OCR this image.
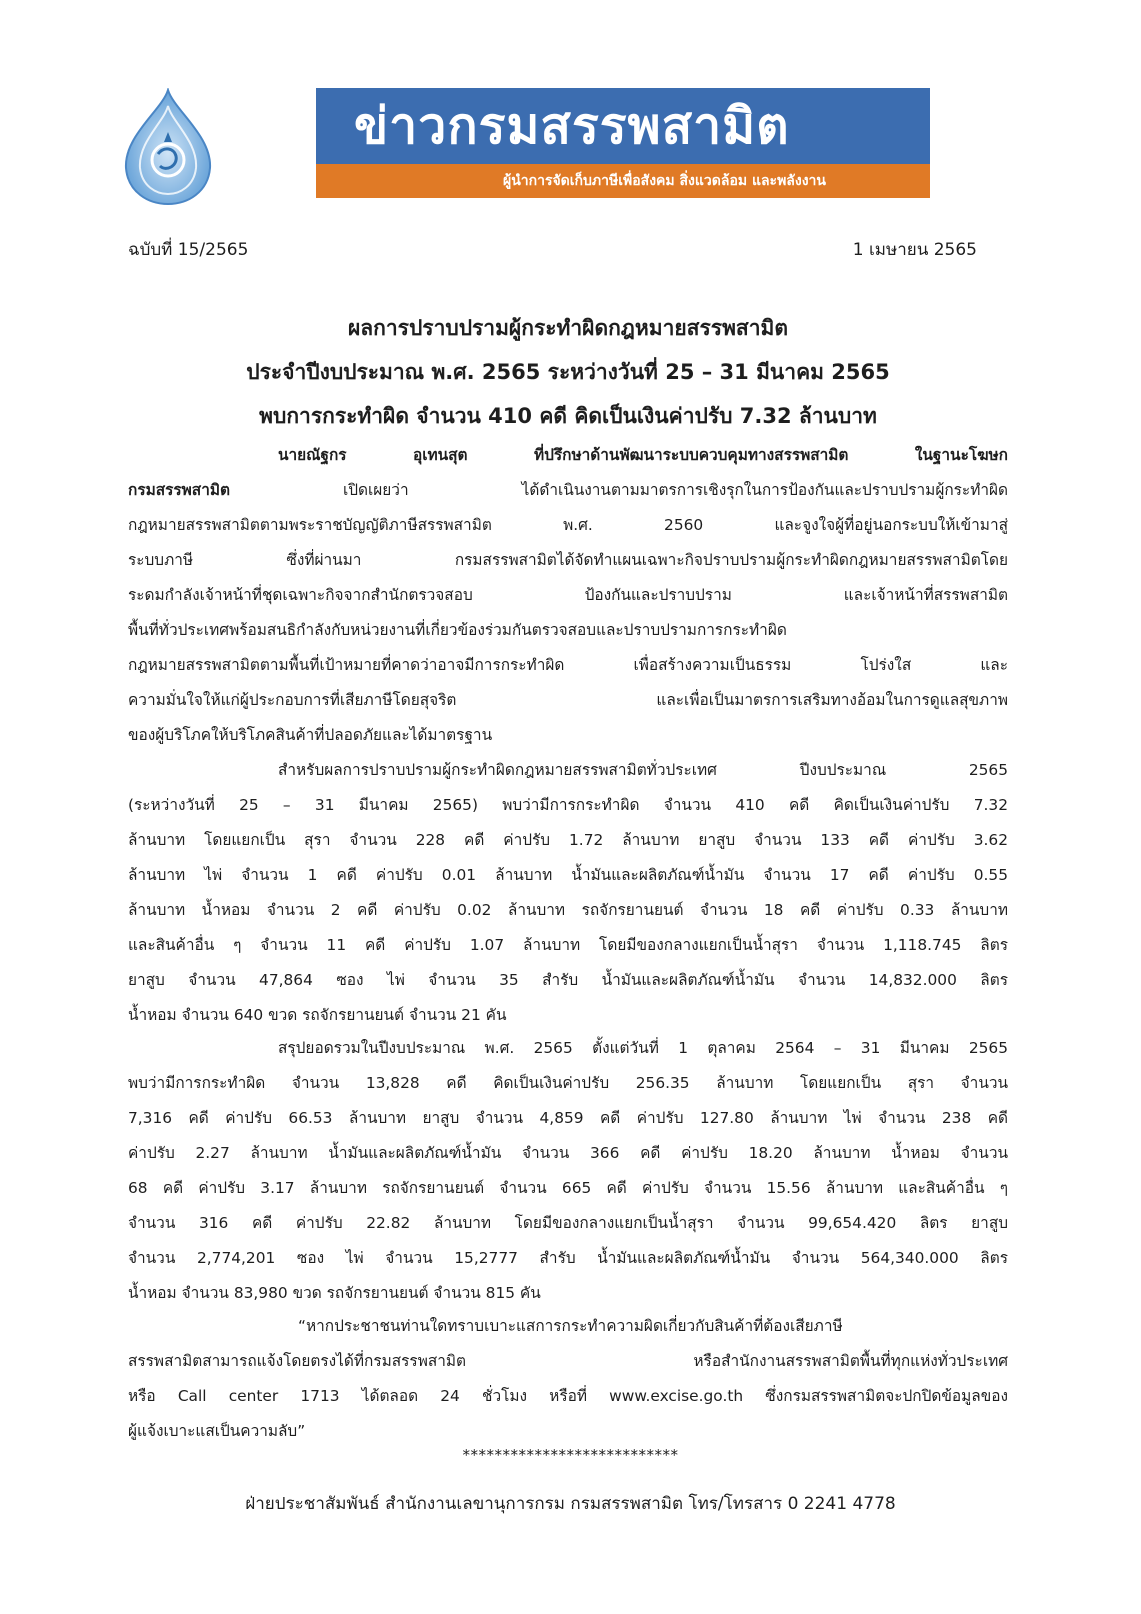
ข่าวกรมสรรพสามิต
ผู้นำการจัดเก็บภาษีเพื่อสังคม สิ่งแวดล้อม และพลังงาน
ฉบับที่ 15/2565	1 เมษายน 2565
ผลการปราบปรามผู้กระทำผิดกฎหมายสรรพสามิต
ประจำปีงบประมาณ พ.ศ. 2565 ระหว่างวันที่ 25 – 31 มีนาคม 2565
พบการกระทำผิด จำนวน 410 คดี คิดเป็นเงินค่าปรับ 7.32 ล้านบาท
นายณัฐกร อุเทนสุต ที่ปรึกษาด้านพัฒนาระบบควบคุมทางสรรพสามิต ในฐานะโฆษก
กรมสรรพสามิต เปิดเผยว่า ได้ดำเนินงานตามมาตรการเชิงรุกในการป้องกันและปราบปรามผู้กระทำผิด
กฎหมายสรรพสามิตตามพระราชบัญญัติภาษีสรรพสามิต พ.ศ. 2560 และจูงใจผู้ที่อยู่นอกระบบให้เข้ามาสู่
ระบบภาษี ซึ่งที่ผ่านมา กรมสรรพสามิตได้จัดทำแผนเฉพาะกิจปราบปรามผู้กระทำผิดกฎหมายสรรพสามิตโดย
ระดมกำลังเจ้าหน้าที่ชุดเฉพาะกิจจากสำนักตรวจสอบ ป้องกันและปราบปราม และเจ้าหน้าที่สรรพสามิต
พื้นที่ทั่วประเทศพร้อมสนธิกำลังกับหน่วยงานที่เกี่ยวข้องร่วมกันตรวจสอบและปราบปรามการกระทำผิด
กฎหมายสรรพสามิตตามพื้นที่เป้าหมายที่คาดว่าอาจมีการกระทำผิด เพื่อสร้างความเป็นธรรม โปร่งใส และ
ความมั่นใจให้แก่ผู้ประกอบการที่เสียภาษีโดยสุจริต และเพื่อเป็นมาตรการเสริมทางอ้อมในการดูแลสุขภาพ
ของผู้บริโภคให้บริโภคสินค้าที่ปลอดภัยและได้มาตรฐาน
สำหรับผลการปราบปรามผู้กระทำผิดกฎหมายสรรพสามิตทั่วประเทศ ปีงบประมาณ 2565
(ระหว่างวันที่ 25 – 31 มีนาคม 2565) พบว่ามีการกระทำผิด จำนวน 410 คดี คิดเป็นเงินค่าปรับ 7.32
ล้านบาท โดยแยกเป็น สุรา จำนวน 228 คดี ค่าปรับ 1.72 ล้านบาท ยาสูบ จำนวน 133 คดี ค่าปรับ 3.62
ล้านบาท ไพ่ จำนวน 1 คดี ค่าปรับ 0.01 ล้านบาท น้ำมันและผลิตภัณฑ์น้ำมัน จำนวน 17 คดี ค่าปรับ 0.55
ล้านบาท น้ำหอม จำนวน 2 คดี ค่าปรับ 0.02 ล้านบาท รถจักรยานยนต์ จำนวน 18 คดี ค่าปรับ 0.33 ล้านบาท
และสินค้าอื่น ๆ จำนวน 11 คดี ค่าปรับ 1.07 ล้านบาท โดยมีของกลางแยกเป็นน้ำสุรา จำนวน 1,118.745 ลิตร
ยาสูบ จำนวน 47,864 ซอง ไพ่ จำนวน 35 สำรับ น้ำมันและผลิตภัณฑ์น้ำมัน จำนวน 14,832.000 ลิตร
น้ำหอม จำนวน 640 ขวด รถจักรยานยนต์ จำนวน 21 คัน
สรุปยอดรวมในปีงบประมาณ พ.ศ. 2565 ตั้งแต่วันที่ 1 ตุลาคม 2564 – 31 มีนาคม 2565
พบว่ามีการกระทำผิด จำนวน 13,828 คดี คิดเป็นเงินค่าปรับ 256.35 ล้านบาท โดยแยกเป็น สุรา จำนวน
7,316 คดี ค่าปรับ 66.53 ล้านบาท ยาสูบ จำนวน 4,859 คดี ค่าปรับ 127.80 ล้านบาท ไพ่ จำนวน 238 คดี
ค่าปรับ 2.27 ล้านบาท น้ำมันและผลิตภัณฑ์น้ำมัน จำนวน 366 คดี ค่าปรับ 18.20 ล้านบาท น้ำหอม จำนวน
68 คดี ค่าปรับ 3.17 ล้านบาท รถจักรยานยนต์ จำนวน 665 คดี ค่าปรับ จำนวน 15.56 ล้านบาท และสินค้าอื่น ๆ
จำนวน 316 คดี ค่าปรับ 22.82 ล้านบาท โดยมีของกลางแยกเป็นน้ำสุรา จำนวน 99,654.420 ลิตร ยาสูบ
จำนวน 2,774,201 ซอง ไพ่ จำนวน 15,2777 สำรับ น้ำมันและผลิตภัณฑ์น้ำมัน จำนวน 564,340.000 ลิตร
น้ำหอม จำนวน 83,980 ขวด รถจักรยานยนต์ จำนวน 815 คัน
“หากประชาชนท่านใดทราบเบาะแสการกระทำความผิดเกี่ยวกับสินค้าที่ต้องเสียภาษี
สรรพสามิตสามารถแจ้งโดยตรงได้ที่กรมสรรพสามิต หรือสำนักงานสรรพสามิตพื้นที่ทุกแห่งทั่วประเทศ
หรือ Call center 1713 ได้ตลอด 24 ชั่วโมง หรือที่ www.excise.go.th ซึ่งกรมสรรพสามิตจะปกปิดข้อมูลของ
ผู้แจ้งเบาะแสเป็นความลับ”
***************************
ฝ่ายประชาสัมพันธ์ สำนักงานเลขานุการกรม กรมสรรพสามิต โทร/โทรสาร 0 2241 4778
